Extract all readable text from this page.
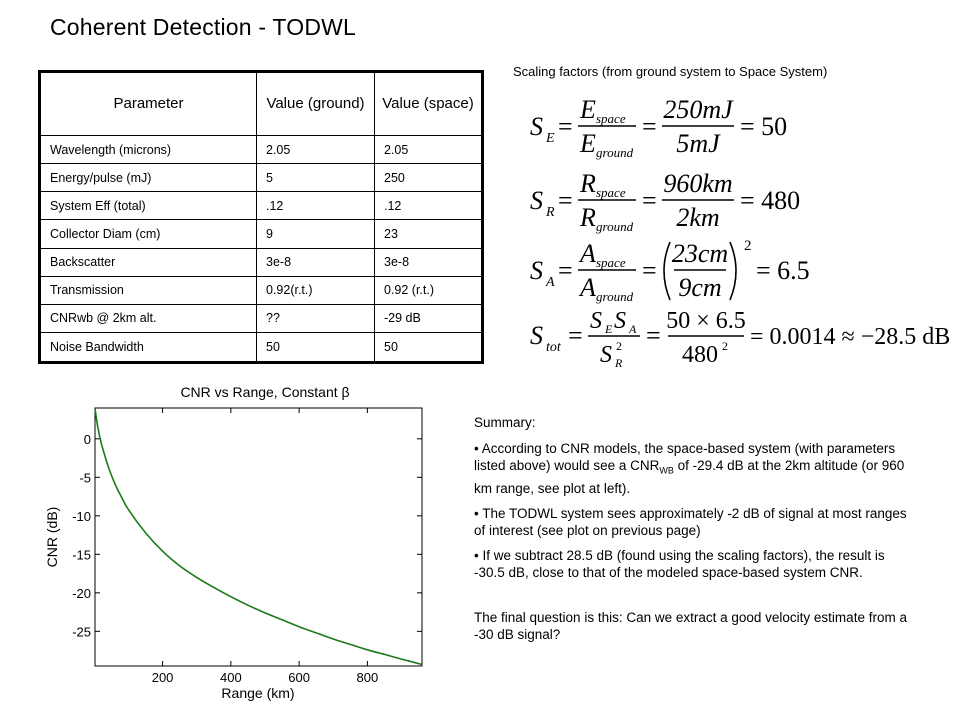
Coherent Detection - TODWL
Parameter	Value (ground)	Value (space)
Wavelength (microns)	2.05	2.05
Energy/pulse (mJ)	5	250
System Eff (total)	.12	.12
Collector Diam (cm)	9	23
Backscatter	3e-8	3e-8
Transmission	0.92(r.t.)	0.92 (r.t.)
CNRwb @ 2km alt.	??	-29 dB
Noise Bandwidth	50	50
Scaling factors (from ground system to Space System)
S E =
E space
E ground
=
250mJ
5mJ
= 50
S R =
R space
R ground
=
960km
2km
= 480
S A =
A space
A ground
=
23cm
9cm
2
= 6.5
S tot = S E S A
S R
2 = 50 × 6.5
480 2 = 0.0014 ≈ −28.5 dB
CNR vs Range, Constant β
200	400	600	800
0
-5
-10
-15
-20
-25
Range (km)
CNR (dB)

Summary:

• According to CNR models, the space-based system (with parameters listed above) would see a $CNR_{WB}$ of -29.4 dB at the 2km altitude (or 960 km range, see plot at left).

• The TODWL system sees approximately -2 dB of signal at most ranges of interest (see plot on previous page)

• If we subtract 28.5 dB (found using the scaling factors), the result is -30.5 dB, close to that of the modeled space-based system CNR.

The final question is this: Can we extract a good velocity estimate from a -30 dB signal?
